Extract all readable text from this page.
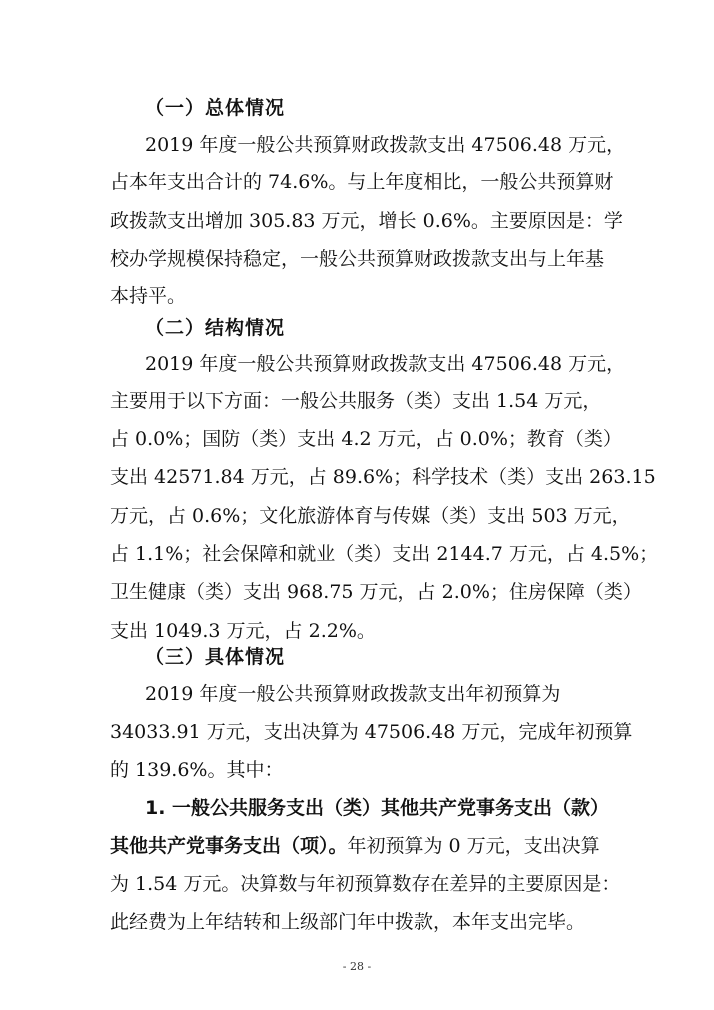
（一）总体情况
2019 年度一般公共预算财政拨款支出 47506.48 万元，
占本年支出合计的 74.6%。与上年度相比，一般公共预算财
政拨款支出增加 305.83 万元，增长 0.6%。主要原因是：学
校办学规模保持稳定，一般公共预算财政拨款支出与上年基
本持平。
（二）结构情况
2019 年度一般公共预算财政拨款支出 47506.48 万元，
主要用于以下方面：一般公共服务（类）支出 1.54 万元，
占 0.0%；国防（类）支出 4.2 万元，占 0.0%；教育（类）
支出 42571.84 万元，占 89.6%；科学技术（类）支出 263.15
万元，占 0.6%；文化旅游体育与传媒（类）支出 503 万元，
占 1.1%；社会保障和就业（类）支出 2144.7 万元，占 4.5%；
卫生健康（类）支出 968.75 万元，占 2.0%；住房保障（类）
支出 1049.3 万元，占 2.2%。
（三）具体情况
2019 年度一般公共预算财政拨款支出年初预算为
34033.91 万元，支出决算为 47506.48 万元，完成年初预算
的 139.6%。其中：
1. 一般公共服务支出（类）其他共产党事务支出（款）
其他共产党事务支出（项）。年初预算为 0 万元，支出决算
为 1.54 万元。决算数与年初预算数存在差异的主要原因是：
此经费为上年结转和上级部门年中拨款，本年支出完毕。
- 28 -
